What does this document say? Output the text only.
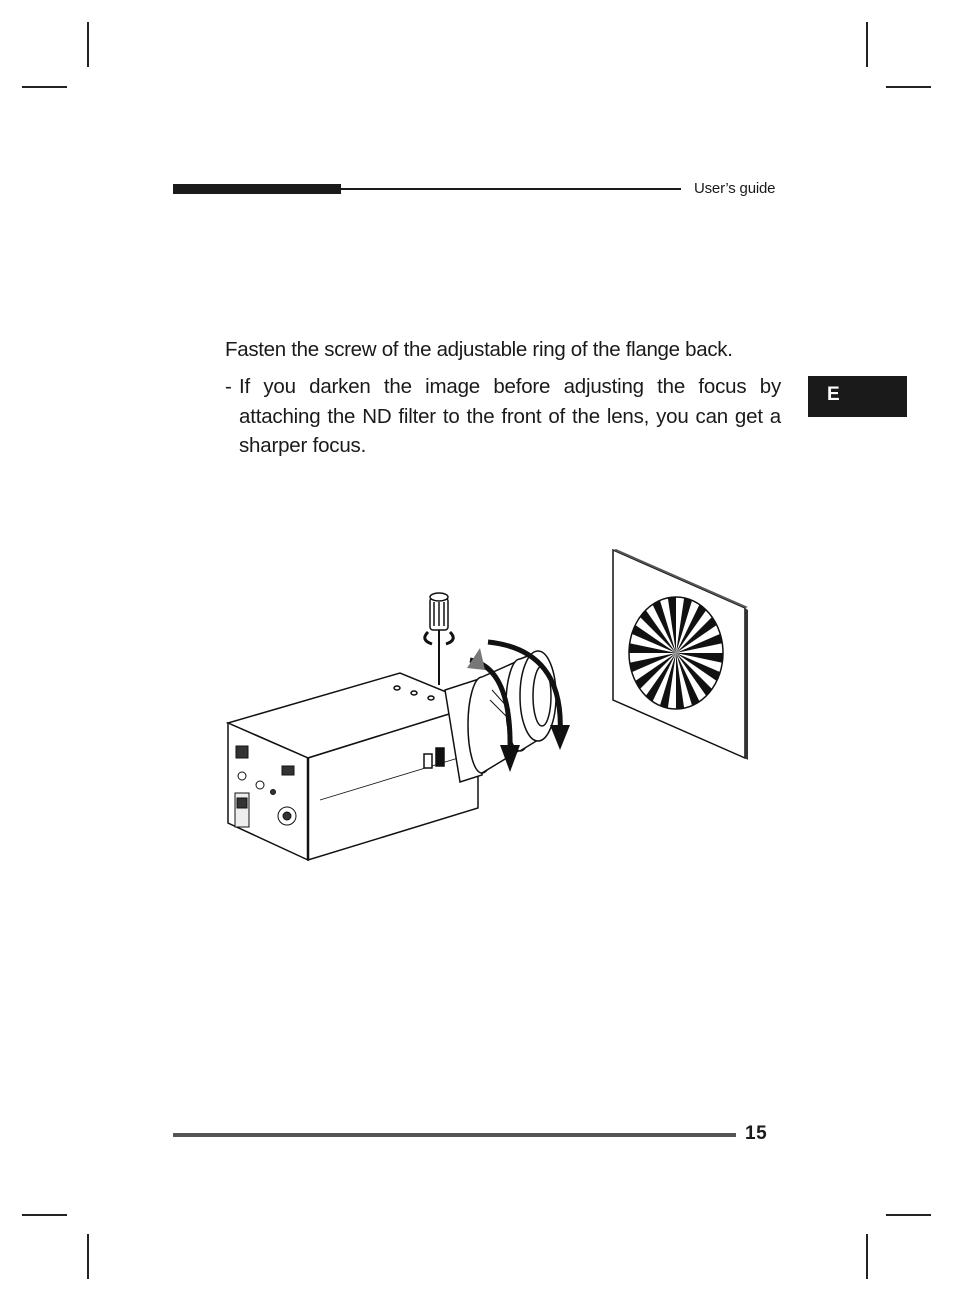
User’s guide
E
Fasten the screw of the adjustable ring of the flange back.
- If you darken the image before adjusting the focus by attaching the ND filter to the front of the lens, you can get a sharper focus.
15
